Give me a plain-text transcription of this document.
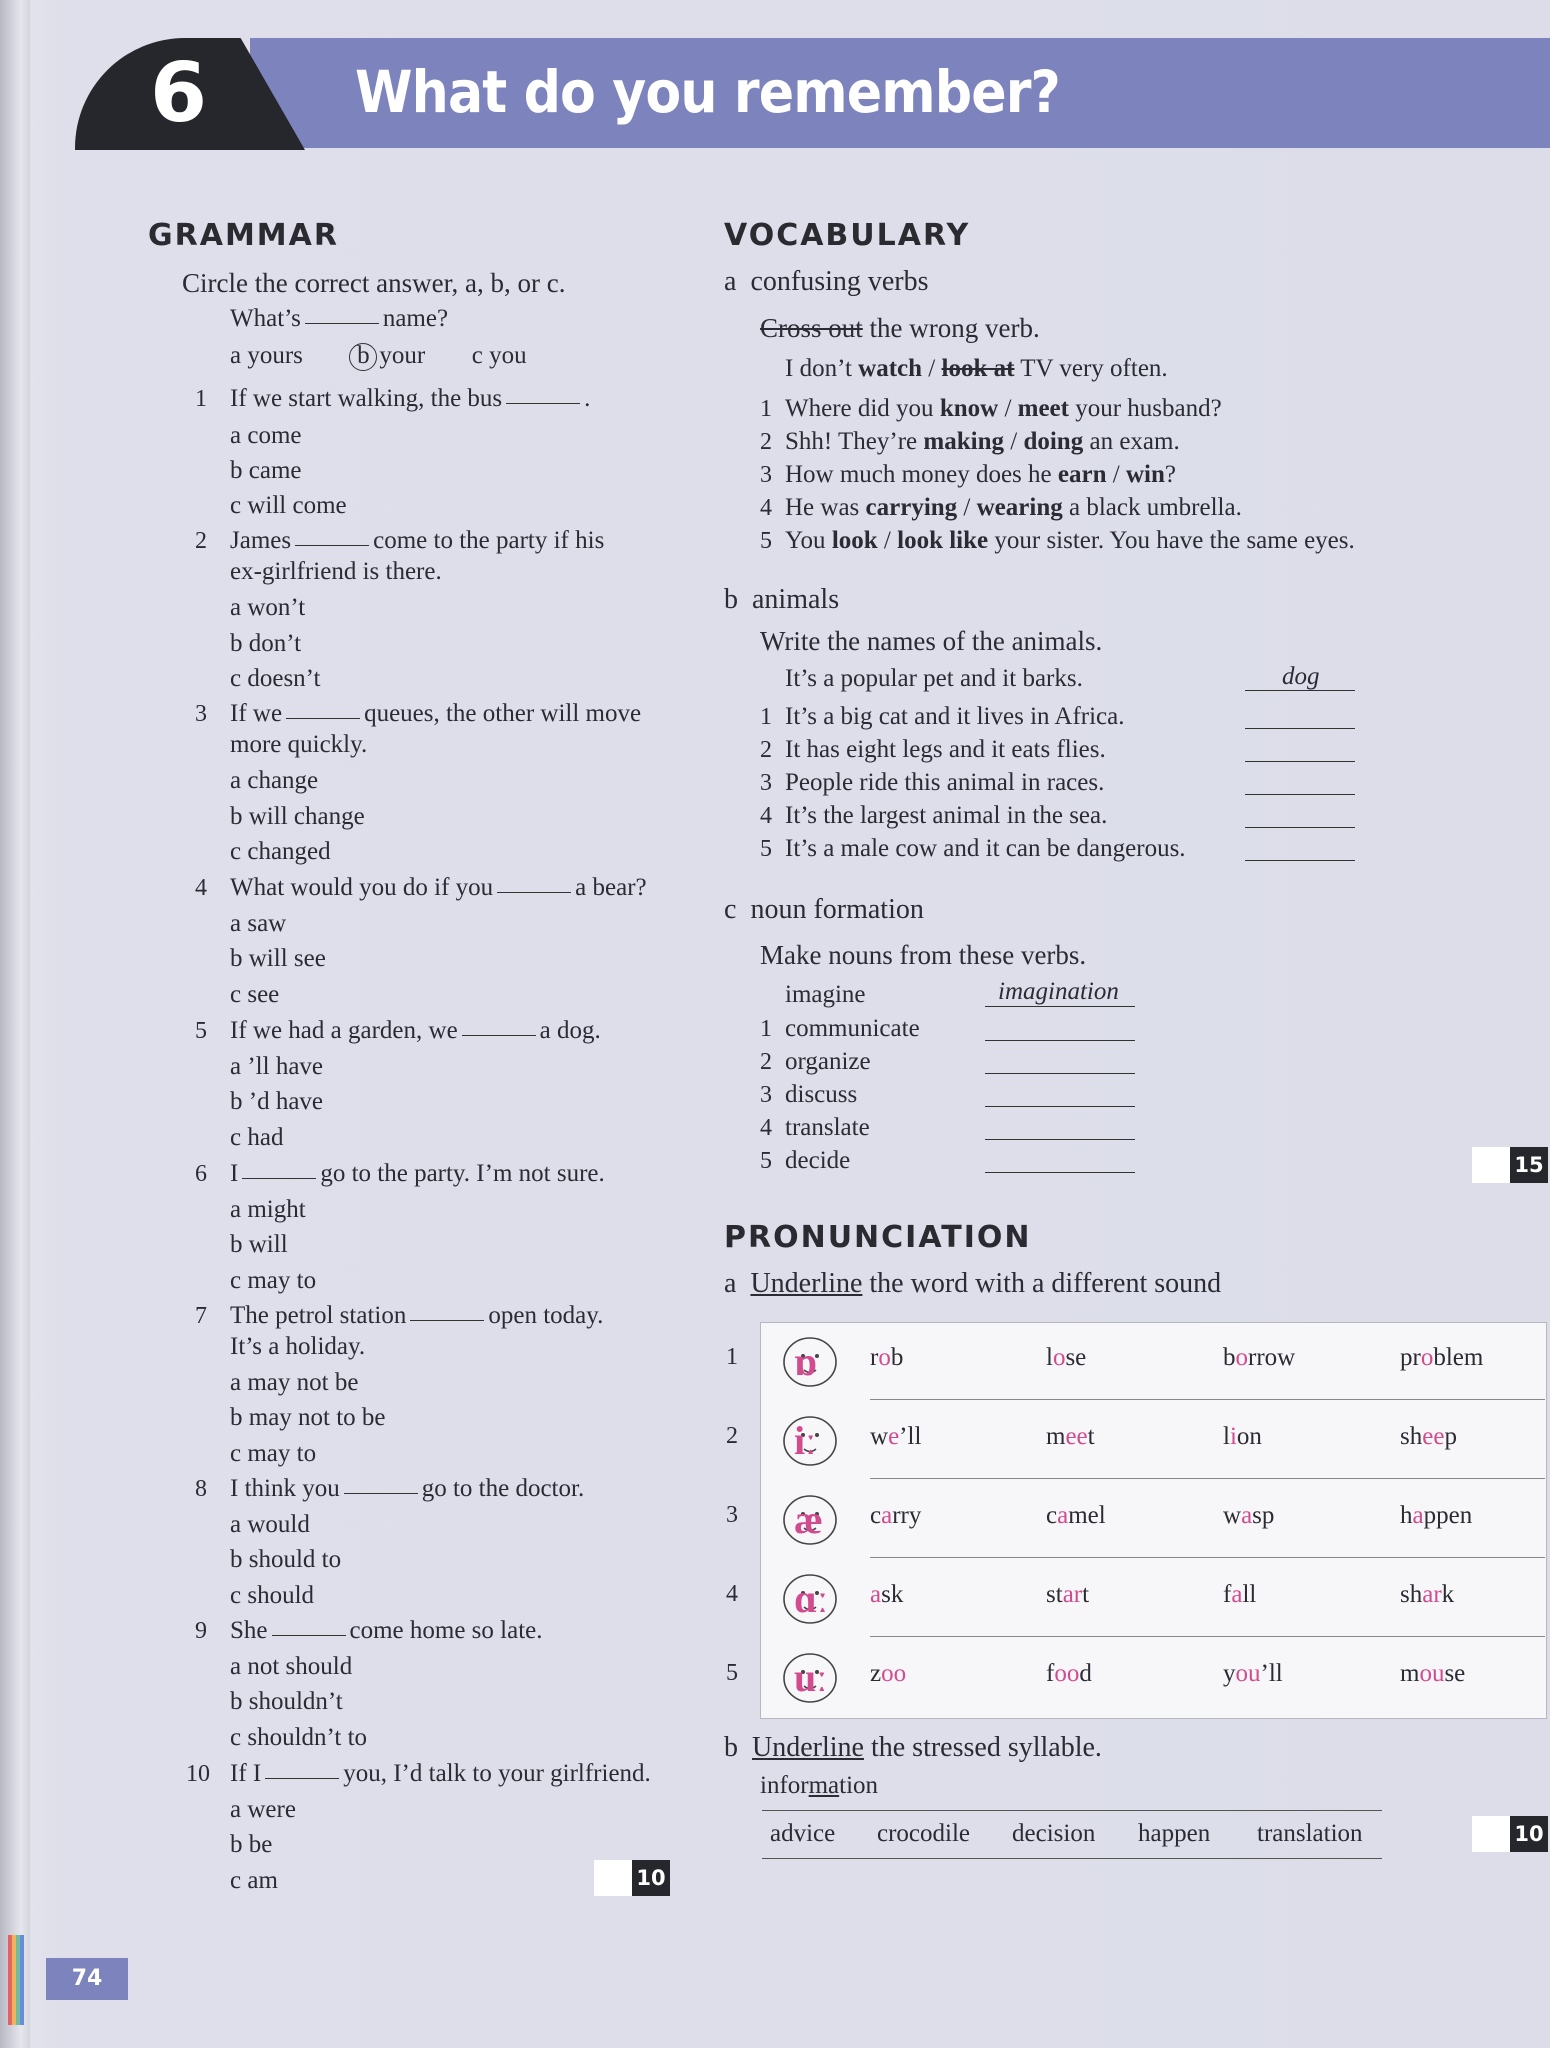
6	What do you remember?
GRAMMAR
Circle the correct answer, a, b, or c.
What’s	name?
a yours b your c you
1 If we start walking, the bus	.
a come
b came
c will come
2 James	come to the party if his
ex-girlfriend is there.
a won’t
b don’t
c doesn’t
3 If we	queues, the other will move
more quickly.
a change
b will change
c changed
4 What would you do if you	a bear?
a saw
b will see
c see
5 If we had a garden, we	a dog.
a ’ll have
b ’d have
c had
6 I	go to the party. I’m not sure.
a might
b will
c may to
7 The petrol station	open today.
It’s a holiday.
a may not be
b may not to be
c may to
8 I think you	go to the doctor.
a would
b should to
c should
9 She	come home so late.
a not should
b shouldn’t
c shouldn’t to
10 If I	you, I’d talk to your girlfriend.
a were
b be
c am	10
VOCABULARY
a confusing verbs
Cross out the wrong verb.
I don’t watch / look at TV very often.
1 Where did you know / meet your husband?
2 Shh! They’re making / doing an exam.
3 How much money does he earn / win?
4 He was carrying / wearing a black umbrella.
5 You look / look like your sister. You have the same eyes.
b animals
Write the names of the animals.
It’s a popular pet and it barks.	dog
1 It’s a big cat and it lives in Africa.
2 It has eight legs and it eats flies.
3 People ride this animal in races.
4 It’s the largest animal in the sea.
5 It’s a male cow and it can be dangerous.
c noun formation
Make nouns from these verbs.
imagine	imagination
1 communicate
2 organize
3 discuss
4 translate
5 decide	15
PRONUNCIATION
a Underline the word with a different sound
1 ɒ rob	lose	borrow	problem
2 iː we’ll	meet	lion	sheep
3 æ carry	camel	wasp	happen
4 ɑː ask	start	fall	shark
5 uː zoo	food	you’ll	mouse
b Underline the stressed syllable.
information
advice crocodile decision happen translation	10
74
